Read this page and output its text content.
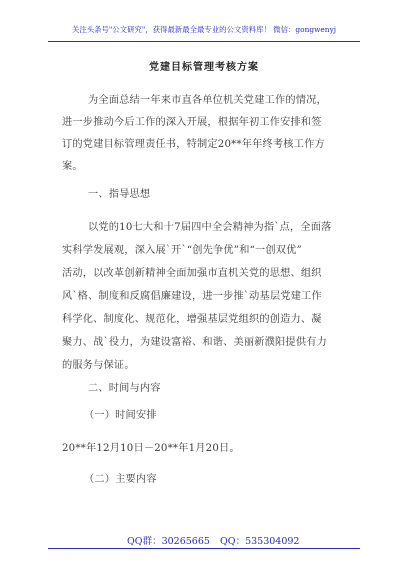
关注头条号"公文研究"，获得最新最全最专业的公文资料库！ 微信：gongwenyj
党建目标管理考核方案
为全面总结一年来市直各单位机关党建工作的情况，
进一步推动今后工作的深入开展，根据年初工作安排和签
订的党建目标管理责任书，特制定20**年年终考核工作方
案。
一、指导思想
以党的10七大和十7届四中全会精神为指`点，全面落
实科学发展观，深入展`开`“创先争优”和“一创双优”
活动，以改革创新精神全面加强市直机关党的思想、组织
风`格、制度和反腐倡廉建设，进一步推`动基层党建工作
科学化、制度化、规范化，增强基层党组织的创造力、凝
聚力、战`役力，为建设富裕、和谐、美丽新濮阳提供有力
的服务与保证。
二、时间与内容
（一）时间安排
20**年12月10日－20**年1月20日。
（二）主要内容
QQ群：30265665 QQ：535304092
